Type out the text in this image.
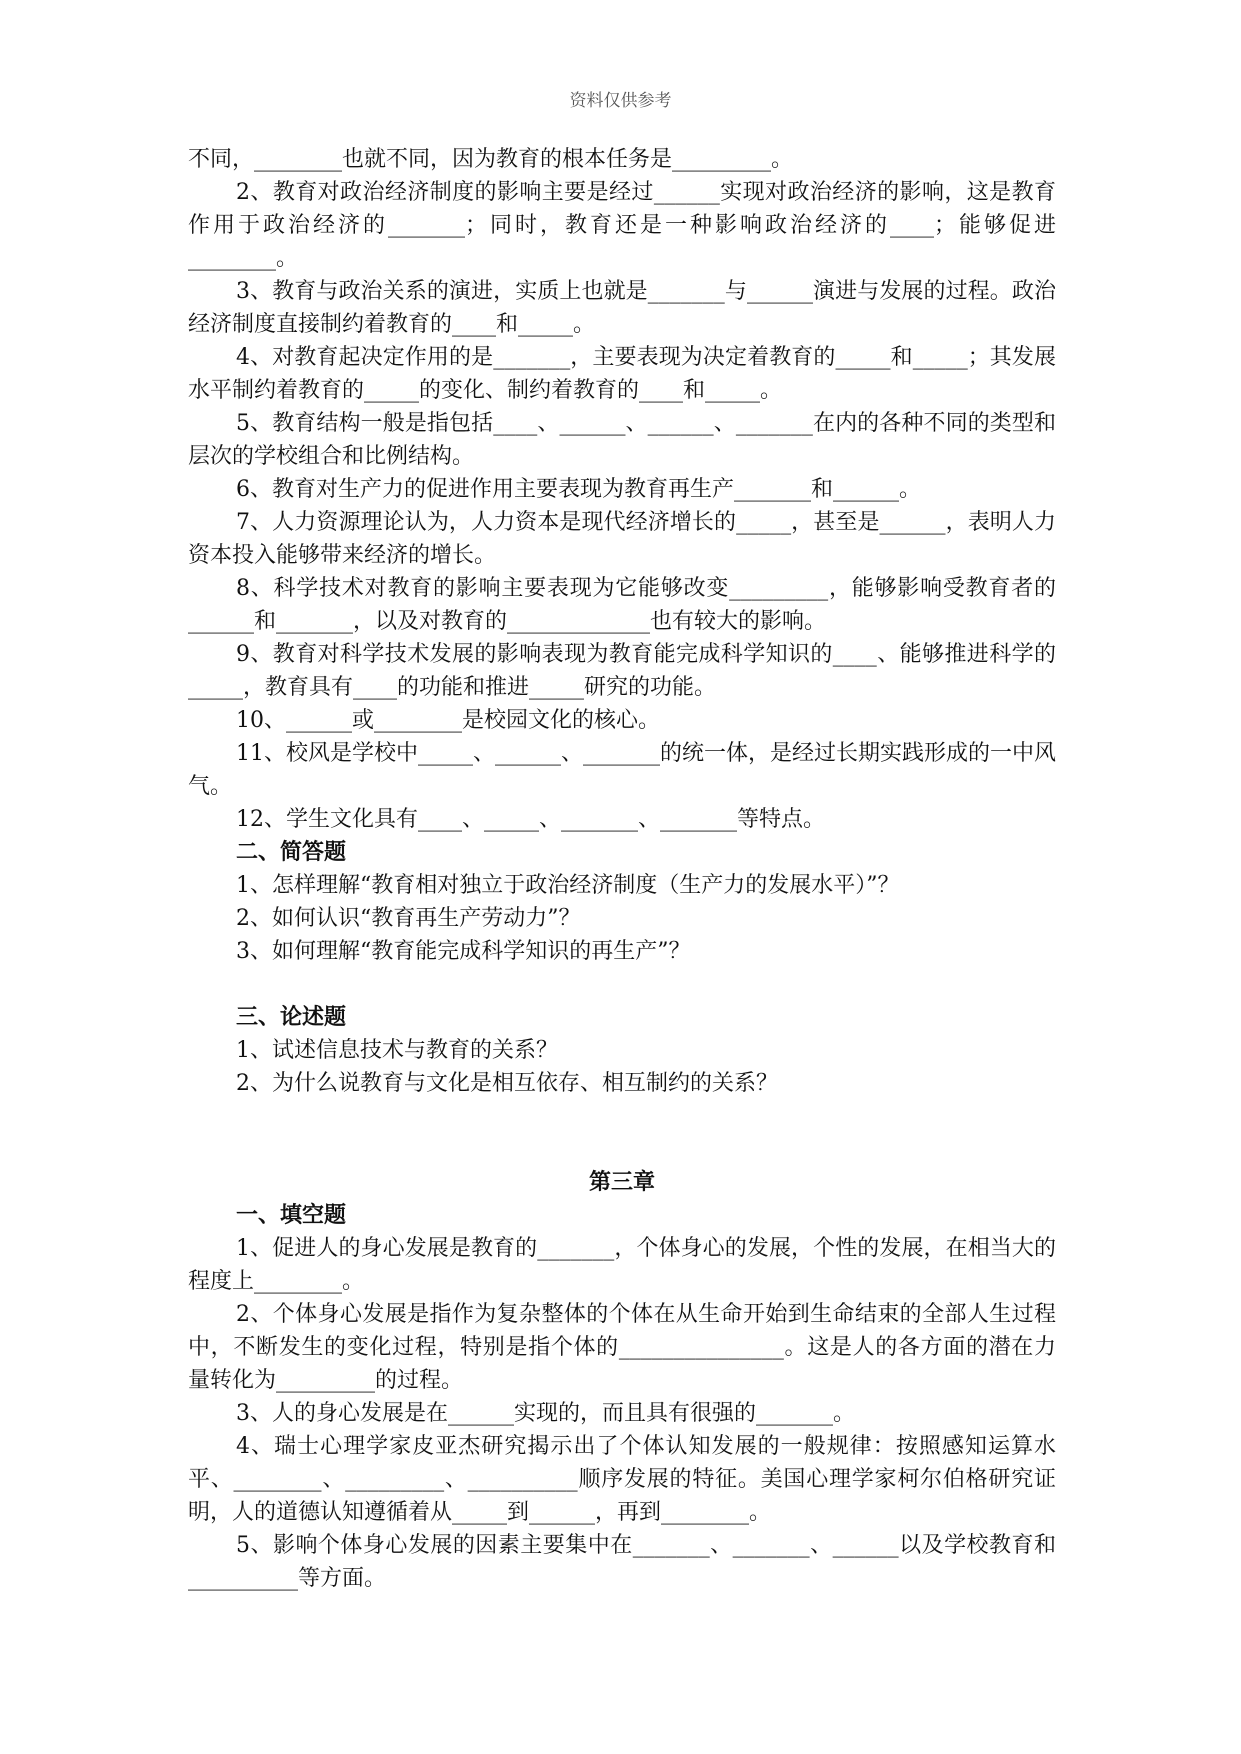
资料仅供参考

不同，________也就不同，因为教育的根本任务是_________。

2、教育对政治经济制度的影响主要是经过______实现对政治经济的影响，这是教育作用于政治经济的_______；同时，教育还是一种影响政治经济的____；能够促进________。

3、教育与政治关系的演进，实质上也就是_______与______演进与发展的过程。政治经济制度直接制约着教育的____和_____。

4、对教育起决定作用的是_______，主要表现为决定着教育的_____和_____；其发展水平制约着教育的_____的变化、制约着教育的____和_____。

5、教育结构一般是指包括____、______、______、_______在内的各种不同的类型和层次的学校组合和比例结构。

6、教育对生产力的促进作用主要表现为教育再生产_______和______。

7、人力资源理论认为，人力资本是现代经济增长的_____，甚至是______，表明人力资本投入能够带来经济的增长。

8、科学技术对教育的影响主要表现为它能够改变_________，能够影响受教育者的______和_______，以及对教育的_____________也有较大的影响。

9、教育对科学技术发展的影响表现为教育能完成科学知识的____、能够推进科学的_____，教育具有____的功能和推进_____研究的功能。

10、______或________是校园文化的核心。

11、校风是学校中_____、______、_______的统一体，是经过长期实践形成的一中风气。

12、学生文化具有____、_____、_______、_______等特点。

二、简答题

1、怎样理解“教育相对独立于政治经济制度（生产力的发展水平）”？

2、如何认识“教育再生产劳动力”？

3、如何理解“教育能完成科学知识的再生产”？

三、论述题

1、试述信息技术与教育的关系？

2、为什么说教育与文化是相互依存、相互制约的关系？

第三章

一、填空题

1、促进人的身心发展是教育的_______，个体身心的发展，个性的发展，在相当大的程度上________。

2、个体身心发展是指作为复杂整体的个体在从生命开始到生命结束的全部人生过程中，不断发生的变化过程，特别是指个体的_______________。这是人的各方面的潜在力量转化为_________的过程。

3、人的身心发展是在______实现的，而且具有很强的_______。

4、瑞士心理学家皮亚杰研究揭示出了个体认知发展的一般规律：按照感知运算水平、________、_________、__________顺序发展的特征。美国心理学家柯尔伯格研究证明，人的道德认知遵循着从_____到______，再到________。

5、影响个体身心发展的因素主要集中在_______、_______、______以及学校教育和__________等方面。
